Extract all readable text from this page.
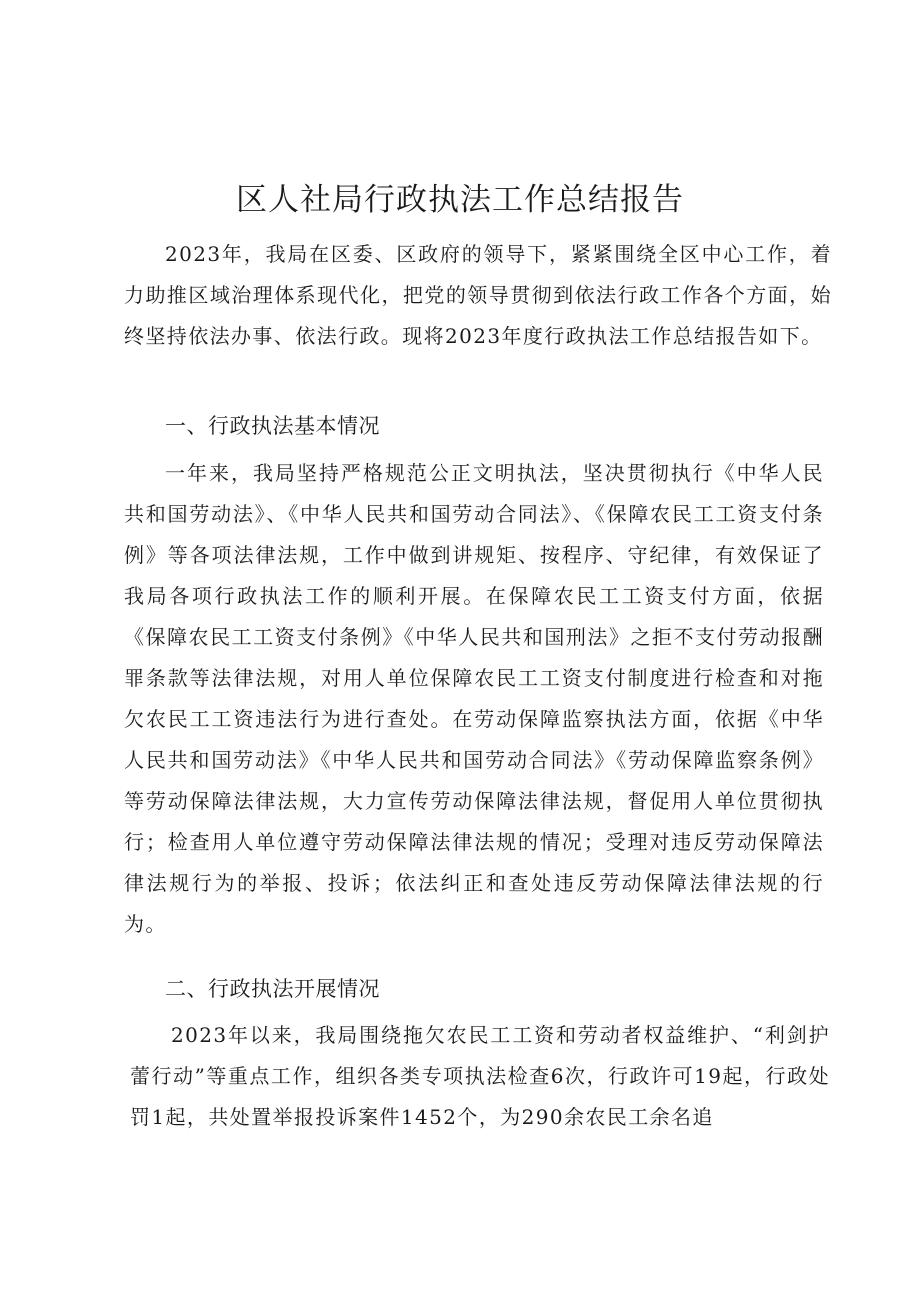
区人社局行政执法工作总结报告

2023年，我局在区委、区政府的领导下，紧紧围绕全区中心工作，着力助推区域治理体系现代化，把党的领导贯彻到依法行政工作各个方面，始终坚持依法办事、依法行政。现将2023年度行政执法工作总结报告如下。

一、行政执法基本情况

一年来，我局坚持严格规范公正文明执法，坚决贯彻执行《中华人民共和国劳动法》、《中华人民共和国劳动合同法》、《保障农民工工资支付条例》等各项法律法规，工作中做到讲规矩、按程序、守纪律，有效保证了我局各项行政执法工作的顺利开展。在保障农民工工资支付方面，依据《保障农民工工资支付条例》《中华人民共和国刑法》之拒不支付劳动报酬罪条款等法律法规，对用人单位保障农民工工资支付制度进行检查和对拖欠农民工工资违法行为进行查处。在劳动保障监察执法方面，依据《中华人民共和国劳动法》《中华人民共和国劳动合同法》《劳动保障监察条例》等劳动保障法律法规，大力宣传劳动保障法律法规，督促用人单位贯彻执行；检查用人单位遵守劳动保障法律法规的情况；受理对违反劳动保障法律法规行为的举报、投诉；依法纠正和查处违反劳动保障法律法规的行为。

二、行政执法开展情况

2023年以来，我局围绕拖欠农民工工资和劳动者权益维护、“利剑护蕾行动”等重点工作，组织各类专项执法检查6次，行政许可19起，行政处罚1起，共处置举报投诉案件1452个，为290余农民工余名追
